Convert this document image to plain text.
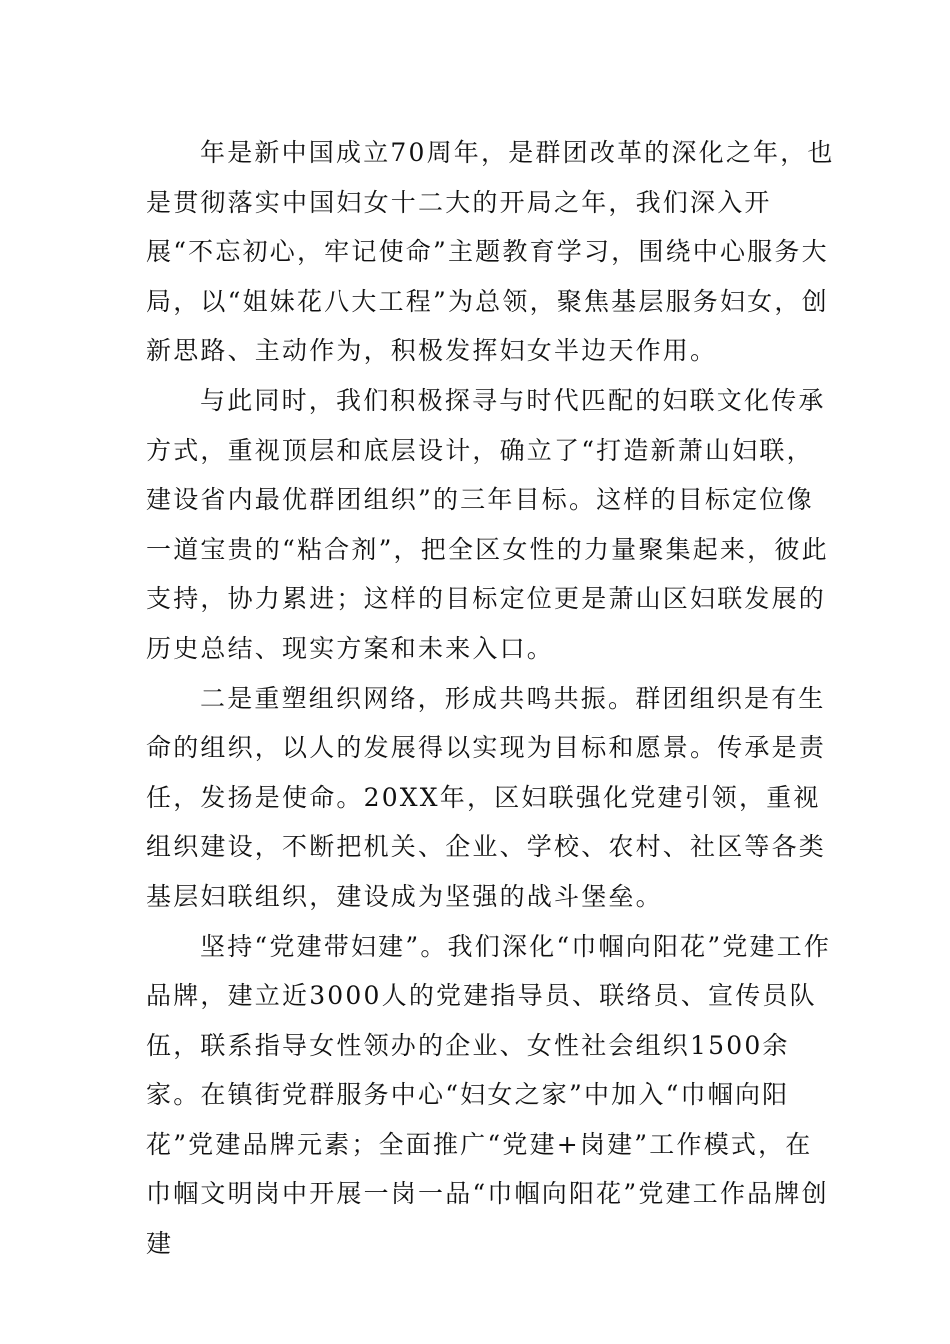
年是新中国成立70周年，是群团改革的深化之年，也是贯彻落实中国妇女十二大的开局之年，我们深入开展“不忘初心，牢记使命”主题教育学习，围绕中心服务大局，以“姐妹花八大工程”为总领，聚焦基层服务妇女，创新思路、主动作为，积极发挥妇女半边天作用。

与此同时，我们积极探寻与时代匹配的妇联文化传承方式，重视顶层和底层设计，确立了“打造新萧山妇联，建设省内最优群团组织”的三年目标。这样的目标定位像一道宝贵的“粘合剂”，把全区女性的力量聚集起来，彼此支持，协力累进；这样的目标定位更是萧山区妇联发展的历史总结、现实方案和未来入口。

二是重塑组织网络，形成共鸣共振。群团组织是有生命的组织，以人的发展得以实现为目标和愿景。传承是责任，发扬是使命。20XX年，区妇联强化党建引领，重视组织建设，不断把机关、企业、学校、农村、社区等各类基层妇联组织，建设成为坚强的战斗堡垒。

坚持“党建带妇建”。我们深化“巾帼向阳花”党建工作品牌，建立近3000人的党建指导员、联络员、宣传员队伍，联系指导女性领办的企业、女性社会组织1500余家。在镇街党群服务中心“妇女之家”中加入“巾帼向阳花”党建品牌元素；全面推广“党建+岗建”工作模式，在巾帼文明岗中开展一岗一品“巾帼向阳花”党建工作品牌创建
